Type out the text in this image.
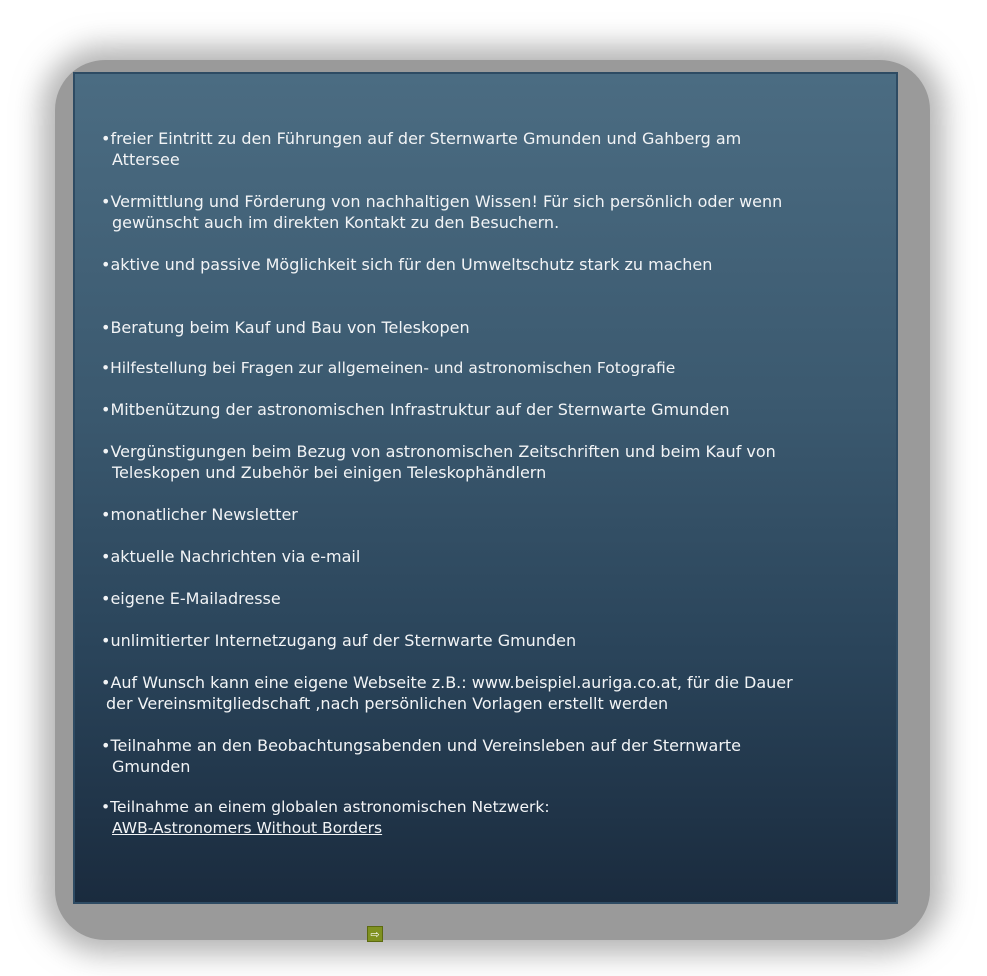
•freier Eintritt zu den Führungen auf der Sternwarte Gmunden und Gahberg am
Attersee
•Vermittlung und Förderung von nachhaltigen Wissen! Für sich persönlich oder wenn
gewünscht auch im direkten Kontakt zu den Besuchern.
•aktive und passive Möglichkeit sich für den Umweltschutz stark zu machen
•Beratung beim Kauf und Bau von Teleskopen
•Hilfestellung bei Fragen zur allgemeinen- und astronomischen Fotografie
•Mitbenützung der astronomischen Infrastruktur auf der Sternwarte Gmunden
•Vergünstigungen beim Bezug von astronomischen Zeitschriften und beim Kauf von
Teleskopen und Zubehör bei einigen Teleskophändlern
•monatlicher Newsletter
•aktuelle Nachrichten via e-mail
•eigene E-Mailadresse
•unlimitierter Internetzugang auf der Sternwarte Gmunden
•Auf Wunsch kann eine eigene Webseite z.B.: www.beispiel.auriga.co.at, für die Dauer
der Vereinsmitgliedschaft ,nach persönlichen Vorlagen erstellt werden
•Teilnahme an den Beobachtungsabenden und Vereinsleben auf der Sternwarte
Gmunden
•Teilnahme an einem globalen astronomischen Netzwerk:
AWB-Astronomers Without Borders
⇨
